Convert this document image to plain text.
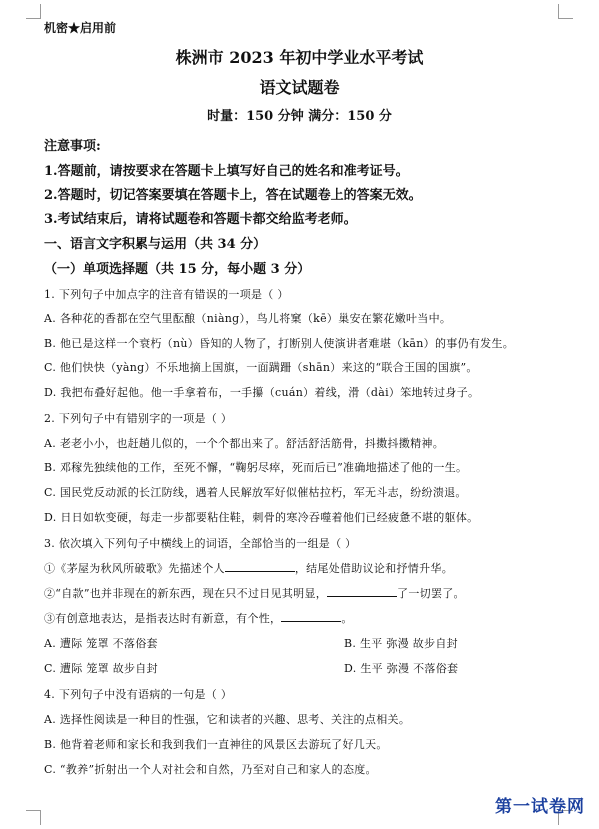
机密★启用前
株洲市 2023 年初中学业水平考试
语文试题卷
时量：150 分钟 满分：150 分
注意事项:
1.答题前，请按要求在答题卡上填写好自己的姓名和准考证号。
2.答题时，切记答案要填在答题卡上，答在试题卷上的答案无效。
3.考试结束后，请将试题卷和答题卡都交给监考老师。
一、语言文字积累与运用（共 34 分）
（一）单项选择题（共 15 分，每小题 3 分）
1. 下列句子中加点字的注音有错误的一项是（ ）
A. 各种花的香都在空气里酝酿（niàng），鸟儿将窠（kē）巢安在繁花嫩叶当中。
B. 他已是这样一个衰朽（nù）昏知的人物了，打断别人使演讲者难堪（kān）的事仍有发生。
C. 他们快快（yàng）不乐地摘上国旗，一面蹒跚（shān）来这的“联合王国的国旗”。
D. 我把布叠好起他。他一手拿着布，一手攥（cuán）着线，滑（dài）笨地转过身子。
2. 下列句子中有错别字的一项是（ ）
A. 老老小小，也赶趟儿似的，一个个都出来了。舒活舒活筋骨，抖擞抖擞精神。
B. 邓稼先独续他的工作，至死不懈，“鞠躬尽瘁，死而后已”准确地描述了他的一生。
C. 国民党反动派的长江防线，遇着人民解放军好似催枯拉朽，军无斗志，纷纷溃退。
D. 日日如软变硬，每走一步都要粘住鞋，刺骨的寒冷吞噬着他们已经疲惫不堪的躯体。
3. 依次填入下列句子中横线上的词语，全部恰当的一组是（ ）
①《茅屋为秋风所破歌》先描述个人	，结尾处借助议论和抒情升华。
②“自款”也并非现在的新东西，现在只不过日见其明显，	了一切罢了。
③有创意地表达，是指表达时有新意，有个性，	。
A. 遭际 笼罩 不落俗套	B. 生平 弥漫 故步自封
C. 遭际 笼罩 故步自封	D. 生平 弥漫 不落俗套
4. 下列句子中没有语病的一句是（ ）
A. 选择性阅读是一种目的性强，它和读者的兴趣、思考、关注的点相关。
B. 他背着老师和家长和我到我们一直神往的风景区去游玩了好几天。
C. “教养”折射出一个人对社会和自然，乃至对自己和家人的态度。
第一试卷网
